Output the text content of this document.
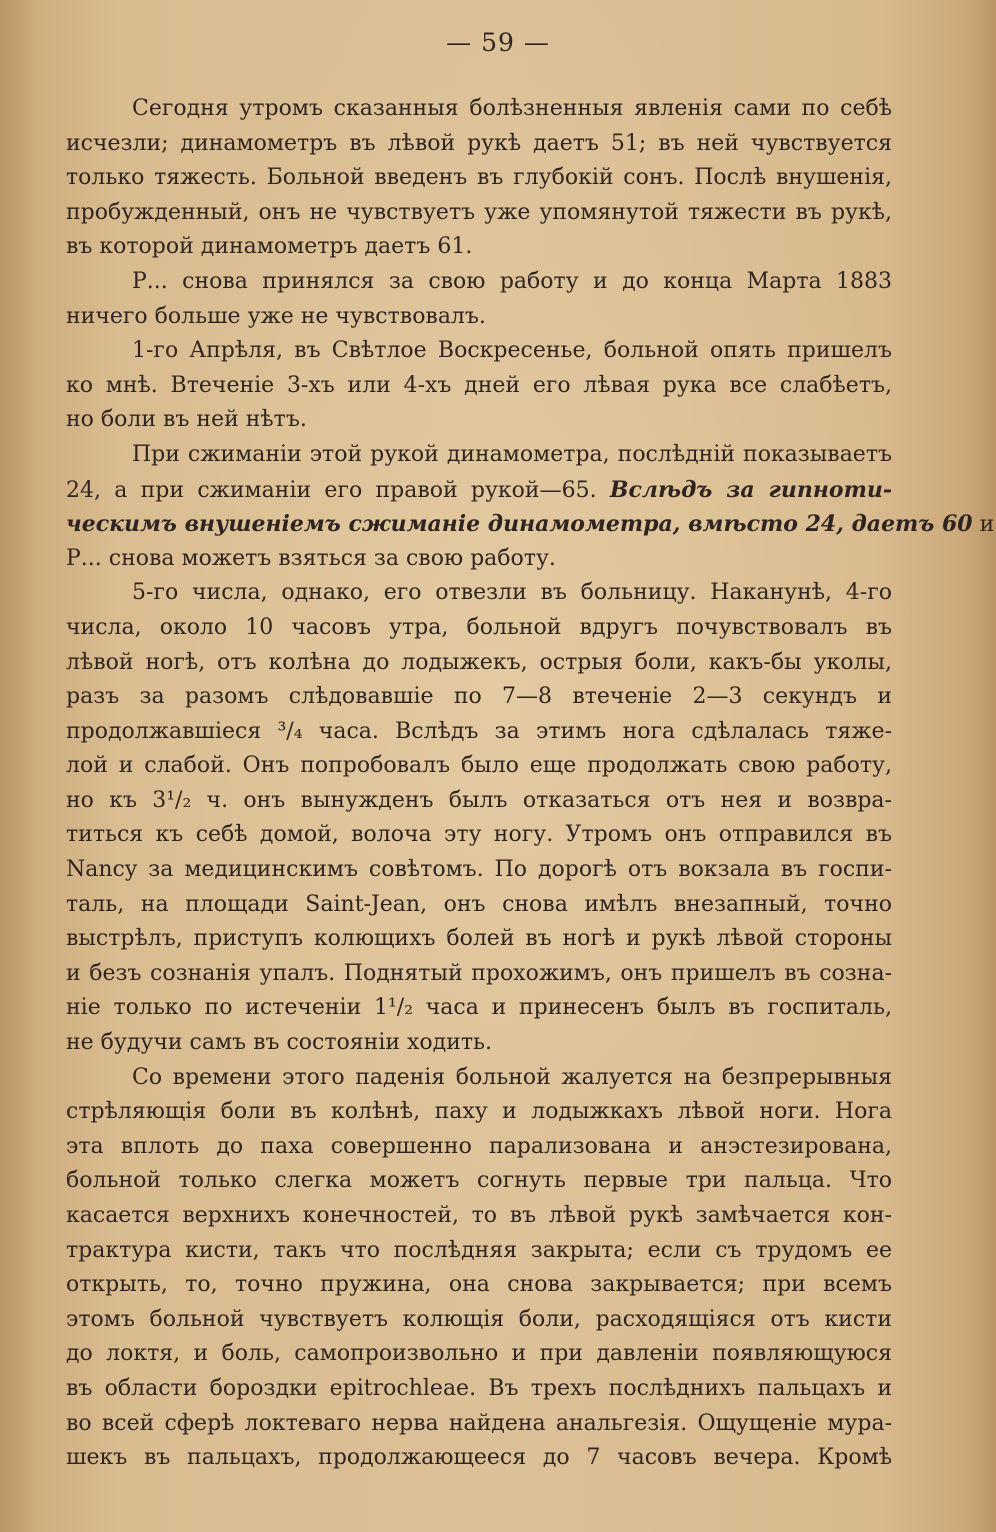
— 59 —
Сегодня утромъ сказанныя болѣзненныя явленія сами по себѣ
исчезли; динамометръ въ лѣвой рукѣ даетъ 51; въ ней чувствуется
только тяжесть. Больной введенъ въ глубокій сонъ. Послѣ внушенія,
пробужденный, онъ не чувствуетъ уже упомянутой тяжести въ рукѣ,
въ которой динамометръ даетъ 61.
Р... снова принялся за свою работу и до конца Марта 1883
ничего больше уже не чувствовалъ.
1-го Апрѣля, въ Свѣтлое Воскресенье, больной опять пришелъ
ко мнѣ. Втеченіе 3-хъ или 4-хъ дней его лѣвая рука все слабѣетъ,
но боли въ ней нѣтъ.
При сжиманіи этой рукой динамометра, послѣдній показываетъ
24, а при сжиманіи его правой рукой—65. Вслѣдъ за гипноти-
ческимъ внушеніемъ сжиманіе динамометра, вмѣсто 24, даетъ 60 и
Р... снова можетъ взяться за свою работу.
5-го числа, однако, его отвезли въ больницу. Наканунѣ, 4-го
числа, около 10 часовъ утра, больной вдругъ почувствовалъ въ
лѣвой ногѣ, отъ колѣна до лодыжекъ, острыя боли, какъ-бы уколы,
разъ за разомъ слѣдовавшіе по 7—8 втеченіе 2—3 секундъ и
продолжавшіеся ³/₄ часа. Вслѣдъ за этимъ нога сдѣлалась тяже-
лой и слабой. Онъ попробовалъ было еще продолжать свою работу,
но къ 3¹/₂ ч. онъ вынужденъ былъ отказаться отъ нея и возвра-
титься къ себѣ домой, волоча эту ногу. Утромъ онъ отправился въ
Nancy за медицинскимъ совѣтомъ. По дорогѣ отъ вокзала въ госпи-
таль, на площади Saint-Jean, онъ снова имѣлъ внезапный, точно
выстрѣлъ, приступъ колющихъ болей въ ногѣ и рукѣ лѣвой стороны
и безъ сознанія упалъ. Поднятый прохожимъ, онъ пришелъ въ созна-
ніе только по истеченіи 1¹/₂ часа и принесенъ былъ въ госпиталь,
не будучи самъ въ состояніи ходить.
Со времени этого паденія больной жалуется на безпрерывныя
стрѣляющія боли въ колѣнѣ, паху и лодыжкахъ лѣвой ноги. Нога
эта вплоть до паха совершенно парализована и анэстезирована,
больной только слегка можетъ согнуть первые три пальца. Что
касается верхнихъ конечностей, то въ лѣвой рукѣ замѣчается кон-
трактура кисти, такъ что послѣдняя закрыта; если съ трудомъ ее
открыть, то, точно пружина, она снова закрывается; при всемъ
этомъ больной чувствуетъ колющія боли, расходящіяся отъ кисти
до локтя, и боль, самопроизвольно и при давленіи появляющуюся
въ области бороздки epitrochleae. Въ трехъ послѣднихъ пальцахъ и
во всей сферѣ локтеваго нерва найдена анальгезія. Ощущеніе мура-
шекъ въ пальцахъ, продолжающееся до 7 часовъ вечера. Кромѣ
